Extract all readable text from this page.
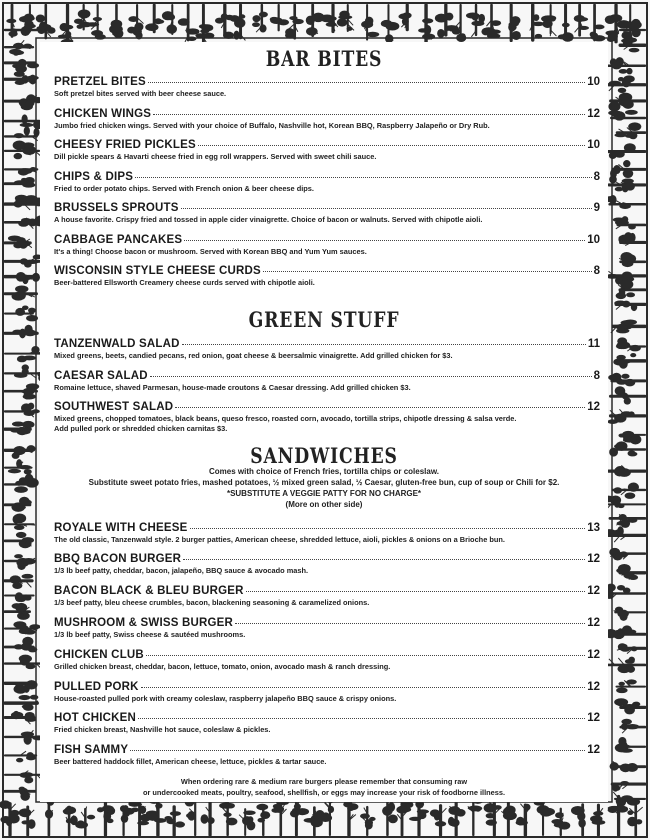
BAR BITES
PRETZEL BITES	10
Soft pretzel bites served with beer cheese sauce.
CHICKEN WINGS	12
Jumbo fried chicken wings. Served with your choice of Buffalo, Nashville hot, Korean BBQ, Raspberry Jalapeño or Dry Rub.
CHEESY FRIED PICKLES	10
Dill pickle spears & Havarti cheese fried in egg roll wrappers. Served with sweet chili sauce.
CHIPS & DIPS	8
Fried to order potato chips. Served with French onion & beer cheese dips.
BRUSSELS SPROUTS	9
A house favorite. Crispy fried and tossed in apple cider vinaigrette. Choice of bacon or walnuts. Served with chipotle aioli.
CABBAGE PANCAKES	10
It's a thing! Choose bacon or mushroom. Served with Korean BBQ and Yum Yum sauces.
WISCONSIN STYLE CHEESE CURDS	8
Beer-battered Ellsworth Creamery cheese curds served with chipotle aioli.
GREEN STUFF
TANZENWALD SALAD	11
Mixed greens, beets, candied pecans, red onion, goat cheese & beersalmic vinaigrette. Add grilled chicken for $3.
CAESAR SALAD	8
Romaine lettuce, shaved Parmesan, house-made croutons & Caesar dressing. Add grilled chicken $3.
SOUTHWEST SALAD	12
Mixed greens, chopped tomatoes, black beans, queso fresco, roasted corn, avocado, tortilla strips, chipotle dressing & salsa verde.
Add pulled pork or shredded chicken carnitas $3.
SANDWICHES
Comes with choice of French fries, tortilla chips or coleslaw.
Substitute sweet potato fries, mashed potatoes, ½ mixed green salad, ½ Caesar, gluten-free bun, cup of soup or Chili for $2.
*SUBSTITUTE A VEGGIE PATTY FOR NO CHARGE*
(More on other side)
ROYALE WITH CHEESE	13
The old classic, Tanzenwald style. 2 burger patties, American cheese, shredded lettuce, aioli, pickles & onions on a Brioche bun.
BBQ BACON BURGER	12
1/3 lb beef patty, cheddar, bacon, jalapeño, BBQ sauce & avocado mash.
BACON BLACK & BLEU BURGER	12
1/3 beef patty, bleu cheese crumbles, bacon, blackening seasoning & caramelized onions.
MUSHROOM & SWISS BURGER	12
1/3 lb beef patty, Swiss cheese & sautéed mushrooms.
CHICKEN CLUB	12
Grilled chicken breast, cheddar, bacon, lettuce, tomato, onion, avocado mash & ranch dressing.
PULLED PORK	12
House-roasted pulled pork with creamy coleslaw, raspberry jalapeño BBQ sauce & crispy onions.
HOT CHICKEN	12
Fried chicken breast, Nashville hot sauce, coleslaw & pickles.
FISH SAMMY	12
Beer battered haddock fillet, American cheese, lettuce, pickles & tartar sauce.
When ordering rare & medium rare burgers please remember that consuming raw
or undercooked meats, poultry, seafood, shellfish, or eggs may increase your risk of foodborne illness.
